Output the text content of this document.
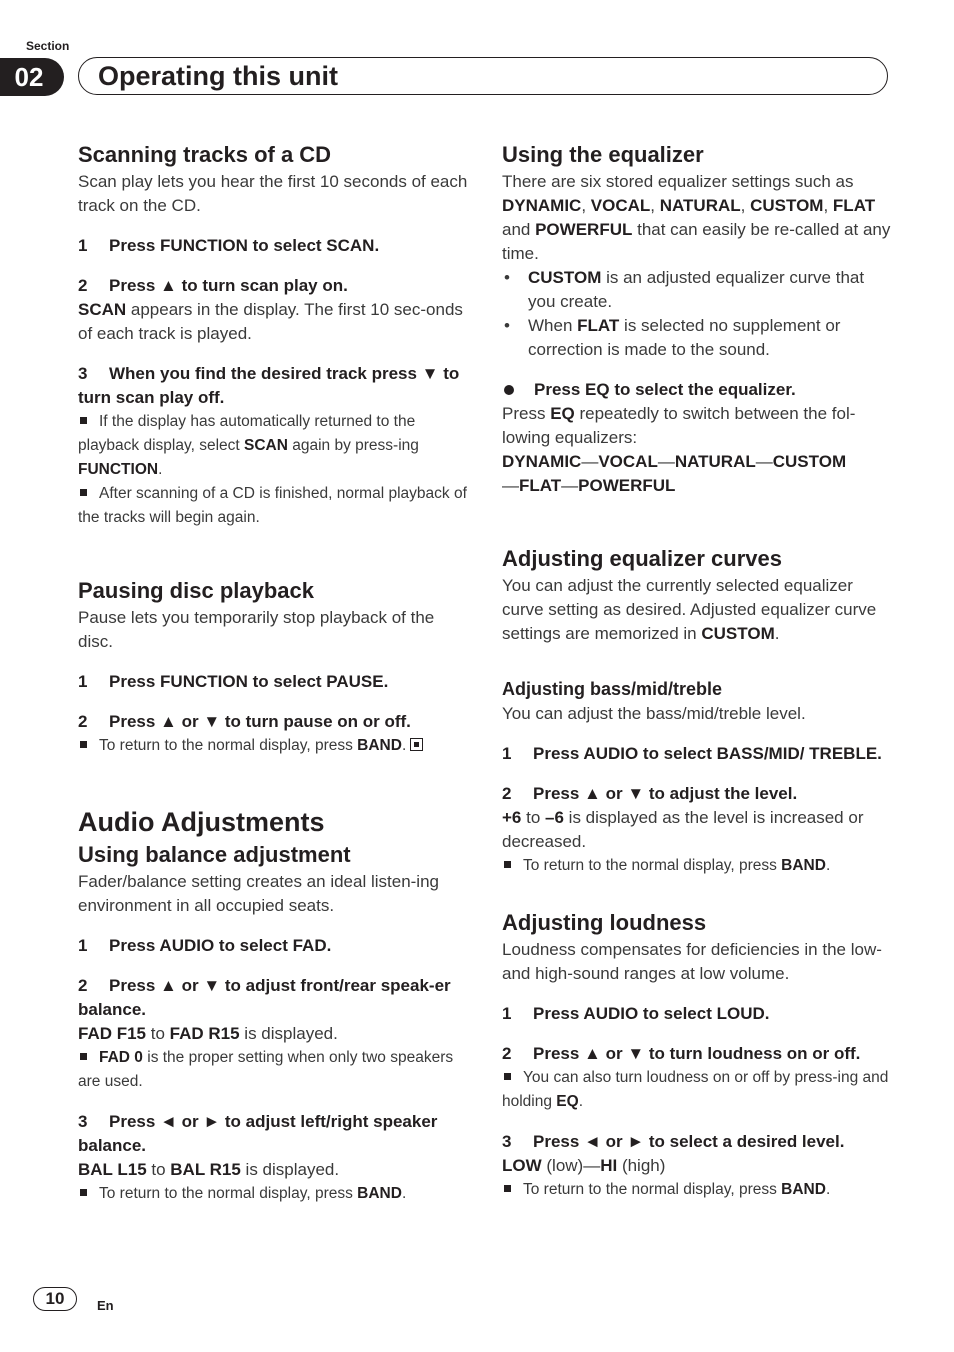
Section
02	Operating this unit

Scanning tracks of a CD

Scan play lets you hear the first 10 seconds of each track on the CD.

1 Press FUNCTION to select SCAN.

2 Press ▲ to turn scan play on.

SCAN appears in the display. The first 10 sec-onds of each track is played.

3 When you find the desired track press ▼ to turn scan play off.

If the display has automatically returned to the playback display, select SCAN again by press-ing FUNCTION.

After scanning of a CD is finished, normal playback of the tracks will begin again.

Pausing disc playback

Pause lets you temporarily stop playback of the disc.

1 Press FUNCTION to select PAUSE.

2 Press ▲ or ▼ to turn pause on or off.

To return to the normal display, press BAND.

Audio Adjustments

Using balance adjustment

Fader/balance setting creates an ideal listen-ing environment in all occupied seats.

1 Press AUDIO to select FAD.

2 Press ▲ or ▼ to adjust front/rear speak-er balance.

FAD F15 to FAD R15 is displayed.

FAD 0 is the proper setting when only two speakers are used.

3 Press ◄ or ► to adjust left/right speaker balance.

BAL L15 to BAL R15 is displayed.

To return to the normal display, press BAND.

Using the equalizer

There are six stored equalizer settings such as DYNAMIC, VOCAL, NATURAL, CUSTOM, FLAT and POWERFUL that can easily be re-called at any time.

• CUSTOM is an adjusted equalizer curve that you create.

• When FLAT is selected no supplement or correction is made to the sound.

Press EQ to select the equalizer.

Press EQ repeatedly to switch between the fol-lowing equalizers:

DYNAMIC—VOCAL—NATURAL—CUSTOM
—FLAT—POWERFUL

Adjusting equalizer curves

You can adjust the currently selected equalizer curve setting as desired. Adjusted equalizer curve settings are memorized in CUSTOM.

Adjusting bass/mid/treble

You can adjust the bass/mid/treble level.

1 Press AUDIO to select BASS/MID/ TREBLE.

2 Press ▲ or ▼ to adjust the level.

+6 to –6 is displayed as the level is increased or decreased.

To return to the normal display, press BAND.

Adjusting loudness

Loudness compensates for deficiencies in the low- and high-sound ranges at low volume.

1 Press AUDIO to select LOUD.

2 Press ▲ or ▼ to turn loudness on or off.

You can also turn loudness on or off by press-ing and holding EQ.

3 Press ◄ or ► to select a desired level.

LOW (low)—HI (high)

To return to the normal display, press BAND.

10	En
